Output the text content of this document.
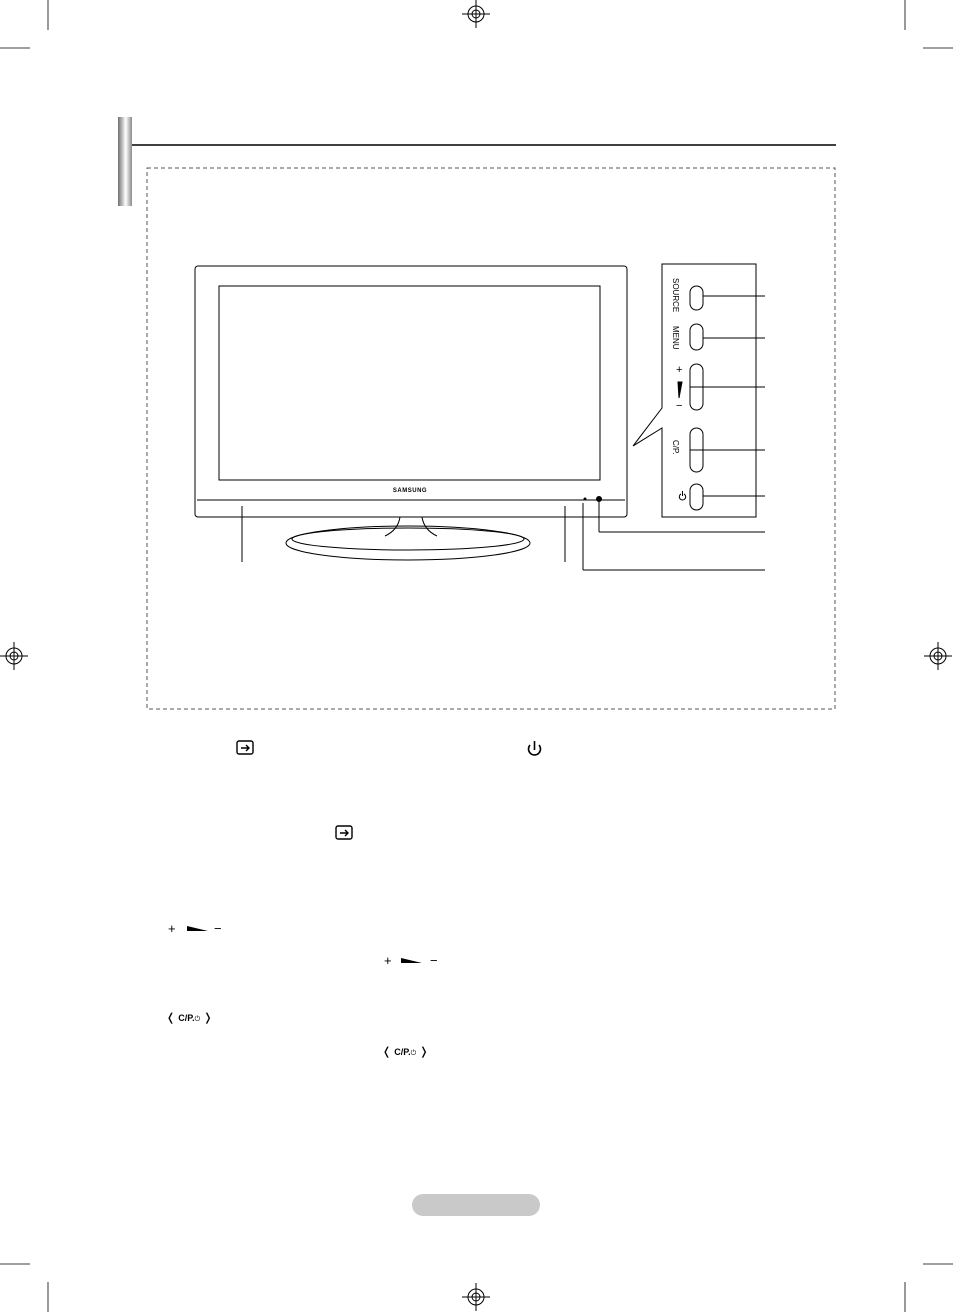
SAMSUNG
SOURCE
MENU
+
−
C/P.
+	−
+	−
❬ C/P.⏻ ❭
❬ C/P.⏻ ❭
